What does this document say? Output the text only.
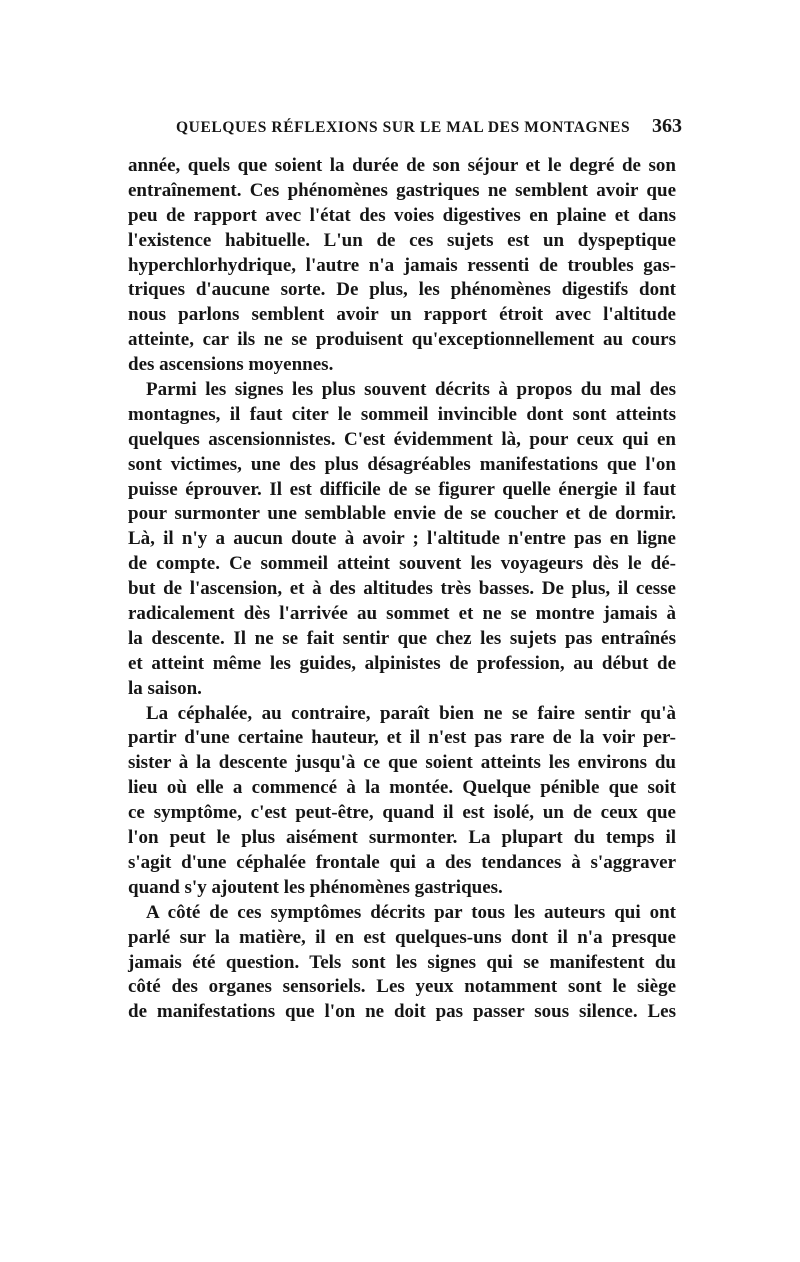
QUELQUES RÉFLEXIONS SUR LE MAL DES MONTAGNES 363

année, quels que soient la durée de son séjour et le degré de son
entraînement. Ces phénomènes gastriques ne semblent avoir que
peu de rapport avec l'état des voies digestives en plaine et dans
l'existence habituelle. L'un de ces sujets est un dyspeptique
hyperchlorhydrique, l'autre n'a jamais ressenti de troubles gas-
triques d'aucune sorte. De plus, les phénomènes digestifs dont
nous parlons semblent avoir un rapport étroit avec l'altitude
atteinte, car ils ne se produisent qu'exceptionnellement au cours
des ascensions moyennes.

Parmi les signes les plus souvent décrits à propos du mal des
montagnes, il faut citer le sommeil invincible dont sont atteints
quelques ascensionnistes. C'est évidemment là, pour ceux qui en
sont victimes, une des plus désagréables manifestations que l'on
puisse éprouver. Il est difficile de se figurer quelle énergie il faut
pour surmonter une semblable envie de se coucher et de dormir.
Là, il n'y a aucun doute à avoir ; l'altitude n'entre pas en ligne
de compte. Ce sommeil atteint souvent les voyageurs dès le dé-
but de l'ascension, et à des altitudes très basses. De plus, il cesse
radicalement dès l'arrivée au sommet et ne se montre jamais à
la descente. Il ne se fait sentir que chez les sujets pas entraînés
et atteint même les guides, alpinistes de profession, au début de
la saison.

La céphalée, au contraire, paraît bien ne se faire sentir qu'à
partir d'une certaine hauteur, et il n'est pas rare de la voir per-
sister à la descente jusqu'à ce que soient atteints les environs du
lieu où elle a commencé à la montée. Quelque pénible que soit
ce symptôme, c'est peut-être, quand il est isolé, un de ceux que
l'on peut le plus aisément surmonter. La plupart du temps il
s'agit d'une céphalée frontale qui a des tendances à s'aggraver
quand s'y ajoutent les phénomènes gastriques.

A côté de ces symptômes décrits par tous les auteurs qui ont
parlé sur la matière, il en est quelques-uns dont il n'a presque
jamais été question. Tels sont les signes qui se manifestent du
côté des organes sensoriels. Les yeux notamment sont le siège
de manifestations que l'on ne doit pas passer sous silence. Les
